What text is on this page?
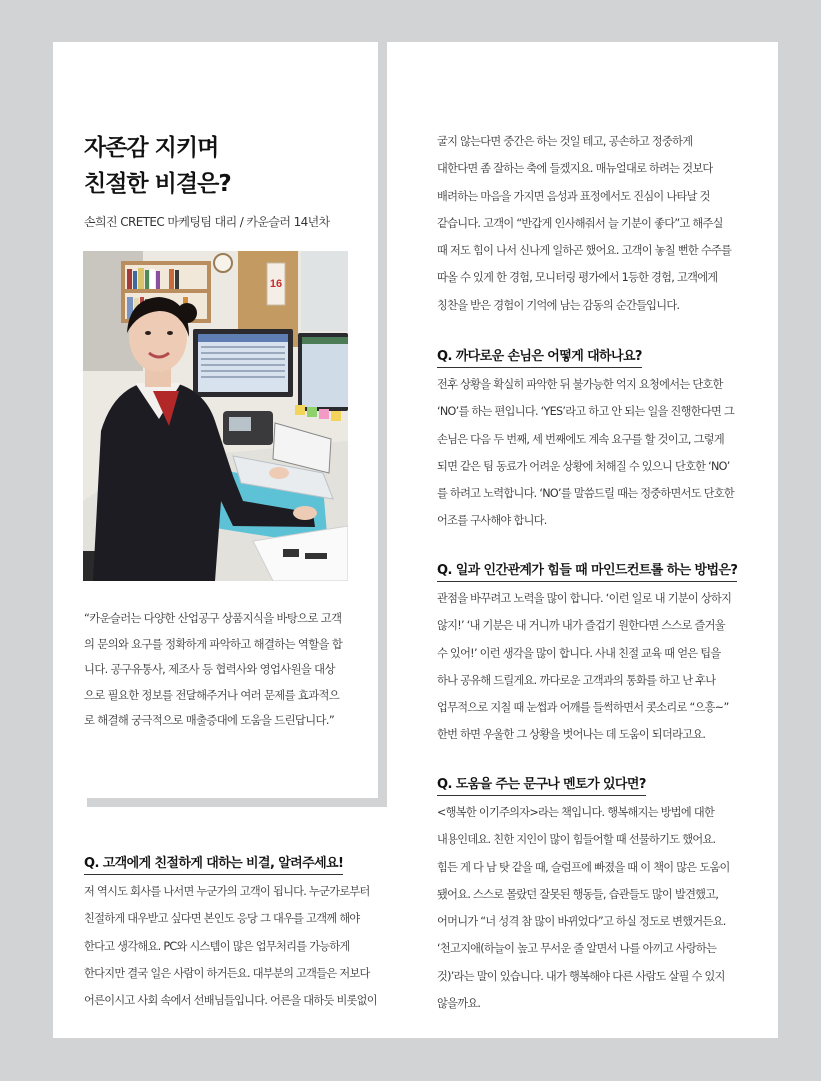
자존감 지키며
친절한 비결은?
손희진 CRETEC 마케팅팀 대리 / 카운슬러 14년차
16
“카운슬러는 다양한 산업공구 상품지식을 바탕으로 고객
의 문의와 요구를 정확하게 파악하고 해결하는 역할을 합
니다. 공구유통사, 제조사 등 협력사와 영업사원을 대상
으로 필요한 정보를 전달해주거나 여러 문제를 효과적으
로 해결해 궁극적으로 매출증대에 도움을 드린답니다.”
Q. 고객에게 친절하게 대하는 비결, 알려주세요!
저 역시도 회사를 나서면 누군가의 고객이 됩니다. 누군가로부터
친절하게 대우받고 싶다면 본인도 응당 그 대우를 고객께 해야
한다고 생각해요. PC와 시스템이 많은 업무처리를 가능하게
한다지만 결국 일은 사람이 하거든요. 대부분의 고객들은 저보다
어른이시고 사회 속에서 선배님들입니다. 어른을 대하듯 비롯없이
굴지 않는다면 중간은 하는 것일 테고, 공손하고 정중하게
대한다면 좀 잘하는 축에 들겠지요. 매뉴얼대로 하려는 것보다
배려하는 마음을 가지면 음성과 표정에서도 진심이 나타날 것
같습니다. 고객이 “반갑게 인사해줘서 늘 기분이 좋다”고 해주실
때 저도 힘이 나서 신나게 일하곤 했어요. 고객이 놓칠 뻔한 수주를
따올 수 있게 한 경험, 모니터링 평가에서 1등한 경험, 고객에게
칭찬을 받은 경험이 기억에 남는 감동의 순간들입니다.
Q. 까다로운 손님은 어떻게 대하나요?
전후 상황을 확실히 파악한 뒤 불가능한 억지 요청에서는 단호한
‘NO’를 하는 편입니다. ‘YES’라고 하고 안 되는 일을 진행한다면 그
손님은 다음 두 번째, 세 번째에도 계속 요구를 할 것이고, 그렇게
되면 같은 팀 동료가 어려운 상황에 처해질 수 있으니 단호한 ‘NO’
를 하려고 노력합니다. ‘NO’를 말씀드릴 때는 정중하면서도 단호한
어조를 구사해야 합니다.
Q. 일과 인간관계가 힘들 때 마인드컨트롤 하는 방법은?
관점을 바꾸려고 노력을 많이 합니다. ‘이런 일로 내 기분이 상하지
않지!’ ‘내 기분은 내 거니까 내가 즐겁기 원한다면 스스로 즐거울
수 있어!’ 이런 생각을 많이 합니다. 사내 친절 교육 때 얻은 팁을
하나 공유해 드릴게요. 까다로운 고객과의 통화를 하고 난 후나
업무적으로 지칠 때 눈썹과 어깨를 들썩하면서 콧소리로 “으흥~”
한번 하면 우울한 그 상황을 벗어나는 데 도움이 되더라고요.
Q. 도움을 주는 문구나 멘토가 있다면?
<행복한 이기주의자>라는 책입니다. 행복해지는 방법에 대한
내용인데요. 친한 지인이 많이 힘들어할 때 선물하기도 했어요.
힘든 게 다 남 탓 같을 때, 슬럼프에 빠졌을 때 이 책이 많은 도움이
됐어요. 스스로 몰랐던 잘못된 행동들, 습관들도 많이 발견했고,
어머니가 “너 성격 참 많이 바뀌었다”고 하실 정도로 변했거든요.
‘천고지애(하늘이 높고 무서운 줄 알면서 나를 아끼고 사랑하는
것)’라는 말이 있습니다. 내가 행복해야 다른 사람도 살필 수 있지
않을까요.
